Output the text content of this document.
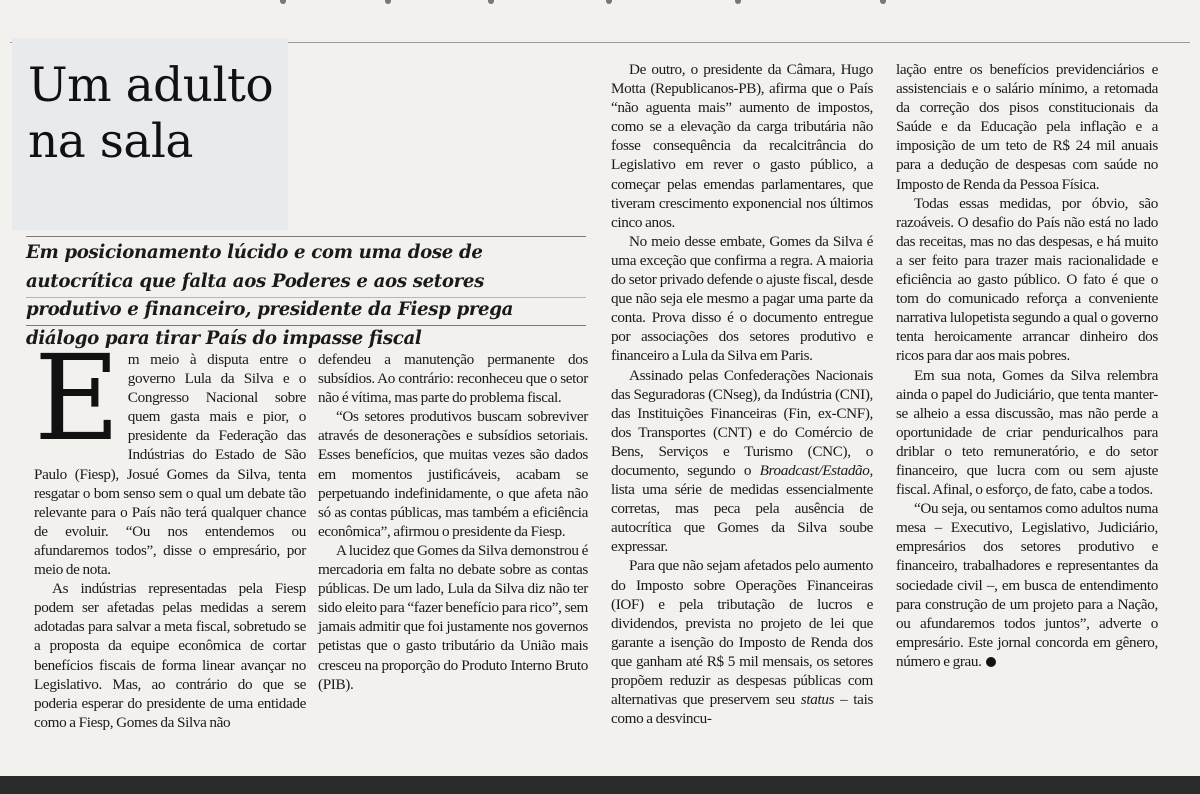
Um adulto
na sala

Em posicionamento lúcido e com uma dose de autocrítica que falta aos Poderes e aos setores produtivo e financeiro, presidente da Fiesp prega diálogo para tirar País do impasse fiscal

E m meio à disputa entre o governo Lula da Silva e o Congresso Nacional sobre quem gasta mais e pior, o presidente da Federação das Indústrias do Estado de São Paulo (Fiesp), Josué Gomes da Silva, tenta resgatar o bom senso sem o qual um debate tão relevante para o País não terá qualquer chance de evoluir. “Ou nos entendemos ou afundaremos todos”, disse o empresário, por meio de nota.

As indústrias representadas pela Fiesp podem ser afetadas pelas medidas a serem adotadas para salvar a meta fiscal, sobretudo se a proposta da equipe econômica de cortar benefícios fiscais de forma linear avançar no Legislativo. Mas, ao contrário do que se poderia esperar do presidente de uma entidade como a Fiesp, Gomes da Silva não

defendeu a manutenção permanente dos subsídios. Ao contrário: reconheceu que o setor não é vítima, mas parte do problema fiscal.

“Os setores produtivos buscam sobreviver através de desonerações e subsídios setoriais. Esses benefícios, que muitas vezes são dados em momentos justificáveis, acabam se perpetuando indefinidamente, o que afeta não só as contas públicas, mas também a eficiência econômica”, afirmou o presidente da Fiesp.

A lucidez que Gomes da Silva demonstrou é mercadoria em falta no debate sobre as contas públicas. De um lado, Lula da Silva diz não ter sido eleito para “fazer benefício para rico”, sem jamais admitir que foi justamente nos governos petistas que o gasto tributário da União mais cresceu na proporção do Produto Interno Bruto (PIB).

De outro, o presidente da Câmara, Hugo Motta (Republicanos-PB), afirma que o País “não aguenta mais” aumento de impostos, como se a elevação da carga tributária não fosse consequência da recalcitrância do Legislativo em rever o gasto público, a começar pelas emendas parlamentares, que tiveram crescimento exponencial nos últimos cinco anos.

No meio desse embate, Gomes da Silva é uma exceção que confirma a regra. A maioria do setor privado defende o ajuste fiscal, desde que não seja ele mesmo a pagar uma parte da conta. Prova disso é o documento entregue por associações dos setores produtivo e financeiro a Lula da Silva em Paris.

Assinado pelas Confederações Nacionais das Seguradoras (CNseg), da Indústria (CNI), das Instituições Financeiras (Fin, ex-CNF), dos Transportes (CNT) e do Comércio de Bens, Serviços e Turismo (CNC), o documento, segundo o Broadcast/Estadão, lista uma série de medidas essencialmente corretas, mas peca pela ausência de autocrítica que Gomes da Silva soube expressar.

Para que não sejam afetados pelo aumento do Imposto sobre Operações Financeiras (IOF) e pela tributação de lucros e dividendos, prevista no projeto de lei que garante a isenção do Imposto de Renda dos que ganham até R$ 5 mil mensais, os setores propõem reduzir as despesas públicas com alternativas que preservem seu status – tais como a desvincu-

lação entre os benefícios previdenciários e assistenciais e o salário mínimo, a retomada da correção dos pisos constitucionais da Saúde e da Educação pela inflação e a imposição de um teto de R$ 24 mil anuais para a dedução de despesas com saúde no Imposto de Renda da Pessoa Física.

Todas essas medidas, por óbvio, são razoáveis. O desafio do País não está no lado das receitas, mas no das despesas, e há muito a ser feito para trazer mais racionalidade e eficiência ao gasto público. O fato é que o tom do comunicado reforça a conveniente narrativa lulopetista segundo a qual o governo tenta heroicamente arrancar dinheiro dos ricos para dar aos mais pobres.

Em sua nota, Gomes da Silva relembra ainda o papel do Judiciário, que tenta manter-se alheio a essa discussão, mas não perde a oportunidade de criar penduricalhos para driblar o teto remuneratório, e do setor financeiro, que lucra com ou sem ajuste fiscal. Afinal, o esforço, de fato, cabe a todos.

“Ou seja, ou sentamos como adultos numa mesa – Executivo, Legislativo, Judiciário, empresários dos setores produtivo e financeiro, trabalhadores e representantes da sociedade civil –, em busca de entendimento para construção de um projeto para a Nação, ou afundaremos todos juntos”, adverte o empresário. Este jornal concorda em gênero, número e grau.
